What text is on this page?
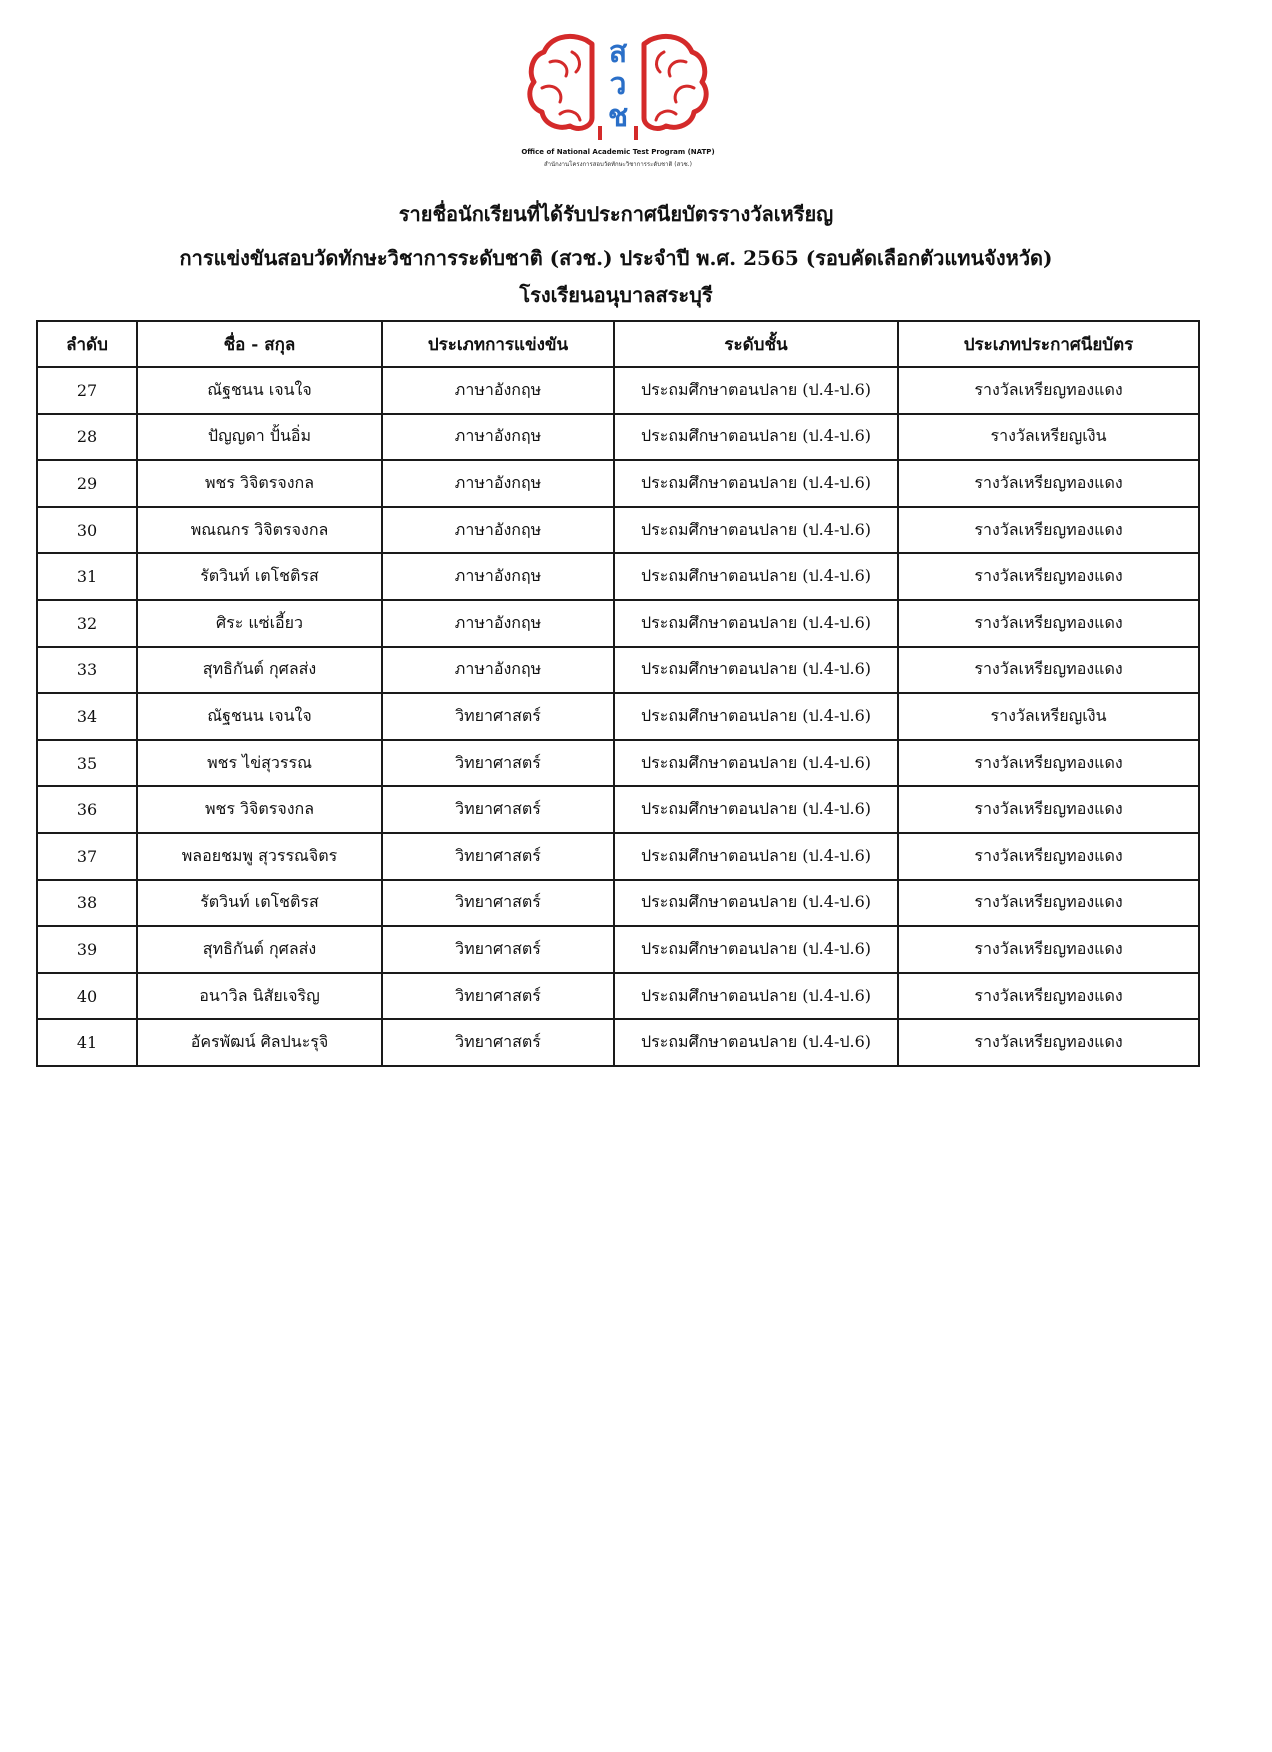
ส
ว
ช
Office of National Academic Test Program (NATP)
สำนักงานโครงการสอบวัดทักษะวิชาการระดับชาติ (สวช.)
รายชื่อนักเรียนที่ได้รับประกาศนียบัตรรางวัลเหรียญ
การแข่งขันสอบวัดทักษะวิชาการระดับชาติ (สวช.) ประจำปี พ.ศ. 2565 (รอบคัดเลือกตัวแทนจังหวัด)
โรงเรียนอนุบาลสระบุรี
ลำดับ	ชื่อ - สกุล	ประเภทการแข่งขัน	ระดับชั้น	ประเภทประกาศนียบัตร
27	ณัฐชนน เจนใจ	ภาษาอังกฤษ	ประถมศึกษาตอนปลาย (ป.4-ป.6)	รางวัลเหรียญทองแดง
28	ปัญญดา ปั้นอิ่ม	ภาษาอังกฤษ	ประถมศึกษาตอนปลาย (ป.4-ป.6)	รางวัลเหรียญเงิน
29	พชร วิจิตรจงกล	ภาษาอังกฤษ	ประถมศึกษาตอนปลาย (ป.4-ป.6)	รางวัลเหรียญทองแดง
30	พณณกร วิจิตรจงกล	ภาษาอังกฤษ	ประถมศึกษาตอนปลาย (ป.4-ป.6)	รางวัลเหรียญทองแดง
31	รัตวินท์ เตโชติรส	ภาษาอังกฤษ	ประถมศึกษาตอนปลาย (ป.4-ป.6)	รางวัลเหรียญทองแดง
32	ศิระ แซ่เอี้ยว	ภาษาอังกฤษ	ประถมศึกษาตอนปลาย (ป.4-ป.6)	รางวัลเหรียญทองแดง
33	สุทธิกันต์ กุศลส่ง	ภาษาอังกฤษ	ประถมศึกษาตอนปลาย (ป.4-ป.6)	รางวัลเหรียญทองแดง
34	ณัฐชนน เจนใจ	วิทยาศาสตร์	ประถมศึกษาตอนปลาย (ป.4-ป.6)	รางวัลเหรียญเงิน
35	พชร ไข่สุวรรณ	วิทยาศาสตร์	ประถมศึกษาตอนปลาย (ป.4-ป.6)	รางวัลเหรียญทองแดง
36	พชร วิจิตรจงกล	วิทยาศาสตร์	ประถมศึกษาตอนปลาย (ป.4-ป.6)	รางวัลเหรียญทองแดง
37	พลอยชมพู สุวรรณจิตร	วิทยาศาสตร์	ประถมศึกษาตอนปลาย (ป.4-ป.6)	รางวัลเหรียญทองแดง
38	รัตวินท์ เตโชติรส	วิทยาศาสตร์	ประถมศึกษาตอนปลาย (ป.4-ป.6)	รางวัลเหรียญทองแดง
39	สุทธิกันต์ กุศลส่ง	วิทยาศาสตร์	ประถมศึกษาตอนปลาย (ป.4-ป.6)	รางวัลเหรียญทองแดง
40	อนาวิล นิสัยเจริญ	วิทยาศาสตร์	ประถมศึกษาตอนปลาย (ป.4-ป.6)	รางวัลเหรียญทองแดง
41	อัครพัฒน์ ศิลปนะรุจิ	วิทยาศาสตร์	ประถมศึกษาตอนปลาย (ป.4-ป.6)	รางวัลเหรียญทองแดง
